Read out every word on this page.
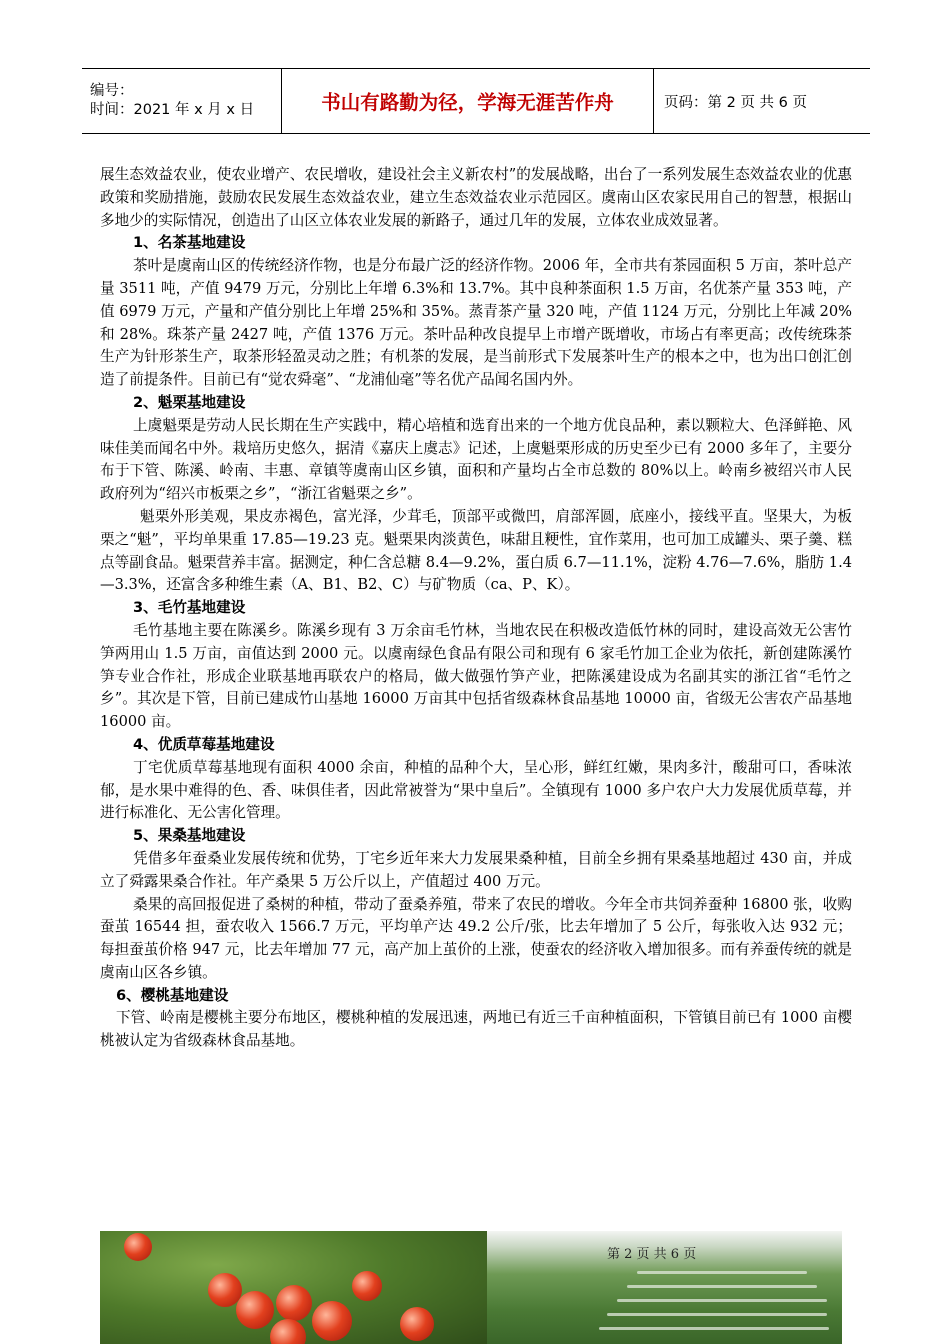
编号：
时间：2021 年 x 月 x 日	书山有路勤为径，学海无涯苦作舟	页码：第 2 页 共 6 页

展生态效益农业，使农业增产、农民增收，建设社会主义新农村”的发展战略，出台了一系列发展生态效益农业的优惠政策和奖励措施，鼓励农民发展生态效益农业，建立生态效益农业示范园区。虞南山区农家民用自己的智慧，根据山多地少的实际情况，创造出了山区立体农业发展的新路子，通过几年的发展，立体农业成效显著。

1、名茶基地建设

茶叶是虞南山区的传统经济作物，也是分布最广泛的经济作物。2006 年，全市共有茶园面积 5 万亩，茶叶总产量 3511 吨，产值 9479 万元，分别比上年增 6.3%和 13.7%。其中良种茶面积 1.5 万亩，名优茶产量 353 吨，产值 6979 万元，产量和产值分别比上年增 25%和 35%。蒸青茶产量 320 吨，产值 1124 万元，分别比上年减 20%和 28%。珠茶产量 2427 吨，产值 1376 万元。茶叶品种改良提早上市增产既增收，市场占有率更高；改传统珠茶生产为针形茶生产，取茶形轻盈灵动之胜；有机茶的发展，是当前形式下发展茶叶生产的根本之中，也为出口创汇创造了前提条件。目前已有“觉农舜毫”、“龙浦仙毫”等名优产品闻名国内外。

2、魁栗基地建设

上虞魁栗是劳动人民长期在生产实践中，精心培植和选育出来的一个地方优良品种，素以颗粒大、色泽鲜艳、风味佳美而闻名中外。栽培历史悠久，据清《嘉庆上虞志》记述，上虞魁栗形成的历史至少已有 2000 多年了，主要分布于下管、陈溪、岭南、丰惠、章镇等虞南山区乡镇，面积和产量均占全市总数的 80%以上。岭南乡被绍兴市人民政府列为“绍兴市板栗之乡”，“浙江省魁栗之乡”。

魁栗外形美观，果皮赤褐色，富光泽，少茸毛，顶部平或微凹，肩部浑圆，底座小，接线平直。坚果大，为板栗之“魁”，平均单果重 17.85—19.23 克。魁栗果肉淡黄色，味甜且粳性，宜作菜用，也可加工成罐头、栗子羹、糕点等副食品。魁栗营养丰富。据测定，种仁含总糖 8.4—9.2%，蛋白质 6.7—11.1%，淀粉 4.76—7.6%，脂肪 1.4—3.3%，还富含多种维生素（A、B1、B2、C）与矿物质（ca、P、K）。

3、毛竹基地建设

毛竹基地主要在陈溪乡。陈溪乡现有 3 万余亩毛竹林，当地农民在积极改造低竹林的同时，建设高效无公害竹笋两用山 1.5 万亩，亩值达到 2000 元。以虞南绿色食品有限公司和现有 6 家毛竹加工企业为依托，新创建陈溪竹笋专业合作社，形成企业联基地再联农户的格局，做大做强竹笋产业，把陈溪建设成为名副其实的浙江省“毛竹之乡”。其次是下管，目前已建成竹山基地 16000 万亩其中包括省级森林食品基地 10000 亩，省级无公害农产品基地 16000 亩。

4、优质草莓基地建设

丁宅优质草莓基地现有面积 4000 余亩，种植的品种个大，呈心形，鲜红红嫩，果肉多汁，酸甜可口，香味浓郁，是水果中难得的色、香、味俱佳者，因此常被誉为“果中皇后”。全镇现有 1000 多户农户大力发展优质草莓，并进行标准化、无公害化管理。

5、果桑基地建设

凭借多年蚕桑业发展传统和优势，丁宅乡近年来大力发展果桑种植，目前全乡拥有果桑基地超过 430 亩，并成立了舜露果桑合作社。年产桑果 5 万公斤以上，产值超过 400 万元。

桑果的高回报促进了桑树的种植，带动了蚕桑养殖，带来了农民的增收。今年全市共饲养蚕种 16800 张，收购蚕茧 16544 担，蚕农收入 1566.7 万元，平均单产达 49.2 公斤/张，比去年增加了 5 公斤，每张收入达 932 元；每担蚕茧价格 947 元，比去年增加 77 元，高产加上茧价的上涨，使蚕农的经济收入增加很多。而有养蚕传统的就是虞南山区各乡镇。

6、樱桃基地建设

下管、岭南是樱桃主要分布地区，樱桃种植的发展迅速，两地已有近三千亩种植面积，下管镇目前已有 1000 亩樱桃被认定为省级森林食品基地。

第 2 页 共 6 页
